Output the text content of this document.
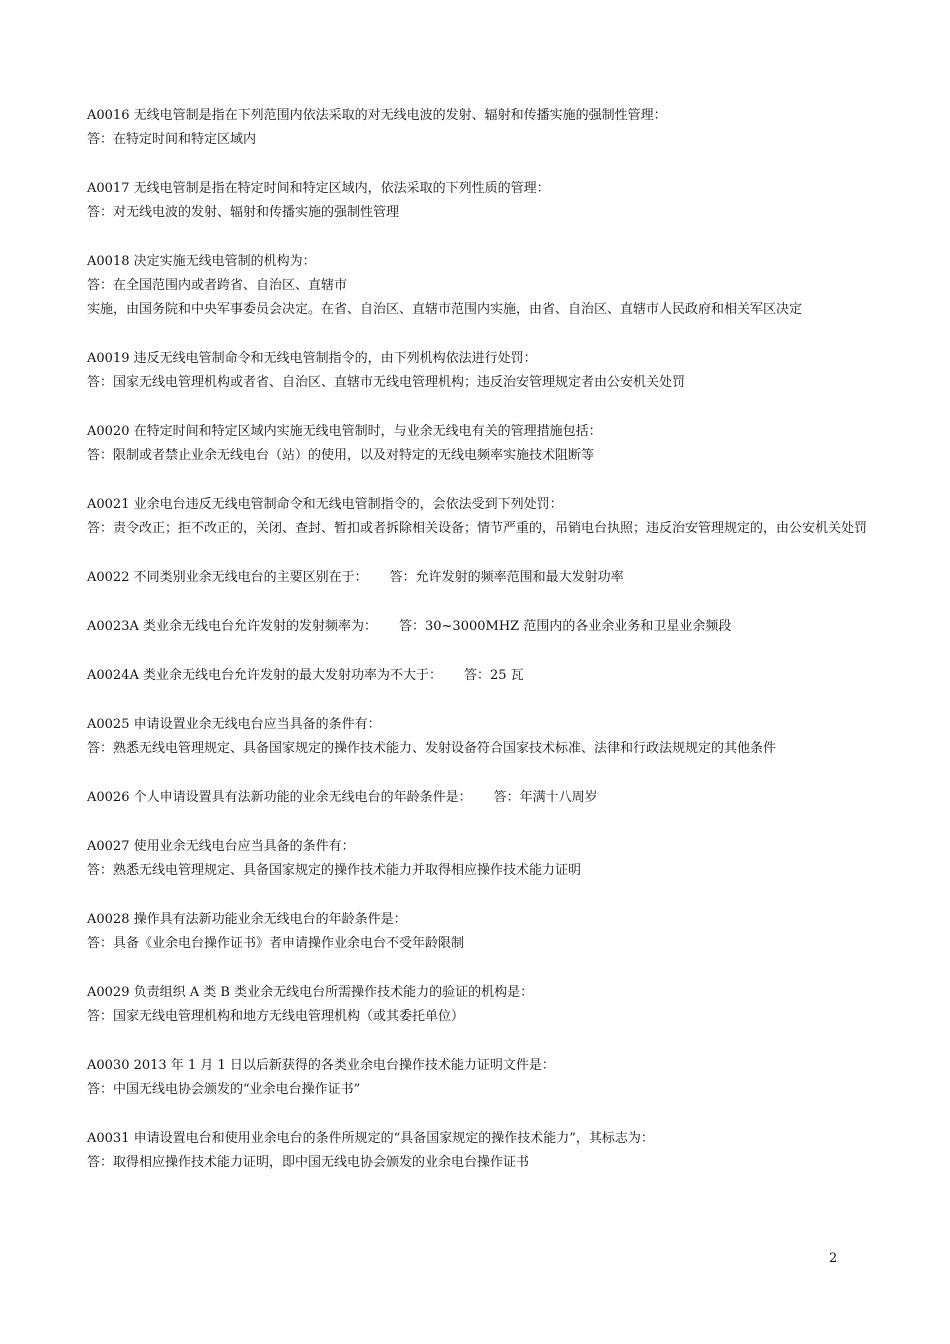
A0016 无线电管制是指在下列范围内依法采取的对无线电波的发射、辐射和传播实施的强制性管理：
答：在特定时间和特定区域内
A0017 无线电管制是指在特定时间和特定区域内，依法采取的下列性质的管理：
答：对无线电波的发射、辐射和传播实施的强制性管理
A0018 决定实施无线电管制的机构为：
答：在全国范围内或者跨省、自治区、直辖市
实施，由国务院和中央军事委员会决定。在省、自治区、直辖市范围内实施，由省、自治区、直辖市人民政府和相关军区决定
A0019 违反无线电管制命令和无线电管制指令的，由下列机构依法进行处罚：
答：国家无线电管理机构或者省、自治区、直辖市无线电管理机构；违反治安管理规定者由公安机关处罚
A0020 在特定时间和特定区域内实施无线电管制时，与业余无线电有关的管理措施包括：
答：限制或者禁止业余无线电台（站）的使用，以及对特定的无线电频率实施技术阻断等
A0021 业余电台违反无线电管制命令和无线电管制指令的，会依法受到下列处罚：
答：责令改正；拒不改正的，关闭、查封、暂扣或者拆除相关设备；情节严重的，吊销电台执照；违反治安管理规定的，由公安机关处罚
A0022 不同类别业余无线电台的主要区别在于： 答：允许发射的频率范围和最大发射功率
A0023A 类业余无线电台允许发射的发射频率为： 答：30~3000MHZ 范围内的各业余业务和卫星业余频段
A0024A 类业余无线电台允许发射的最大发射功率为不大于： 答：25 瓦
A0025 申请设置业余无线电台应当具备的条件有：
答：熟悉无线电管理规定、具备国家规定的操作技术能力、发射设备符合国家技术标准、法律和行政法规规定的其他条件
A0026 个人申请设置具有法新功能的业余无线电台的年龄条件是： 答：年满十八周岁
A0027 使用业余无线电台应当具备的条件有：
答：熟悉无线电管理规定、具备国家规定的操作技术能力并取得相应操作技术能力证明
A0028 操作具有法新功能业余无线电台的年龄条件是：
答：具备《业余电台操作证书》者申请操作业余电台不受年龄限制
A0029 负责组织 A 类 B 类业余无线电台所需操作技术能力的验证的机构是：
答：国家无线电管理机构和地方无线电管理机构（或其委托单位）
A0030 2013 年 1 月 1 日以后新获得的各类业余电台操作技术能力证明文件是：
答：中国无线电协会颁发的“业余电台操作证书”
A0031 申请设置电台和使用业余电台的条件所规定的“具备国家规定的操作技术能力”，其标志为：
答：取得相应操作技术能力证明，即中国无线电协会颁发的业余电台操作证书
2
